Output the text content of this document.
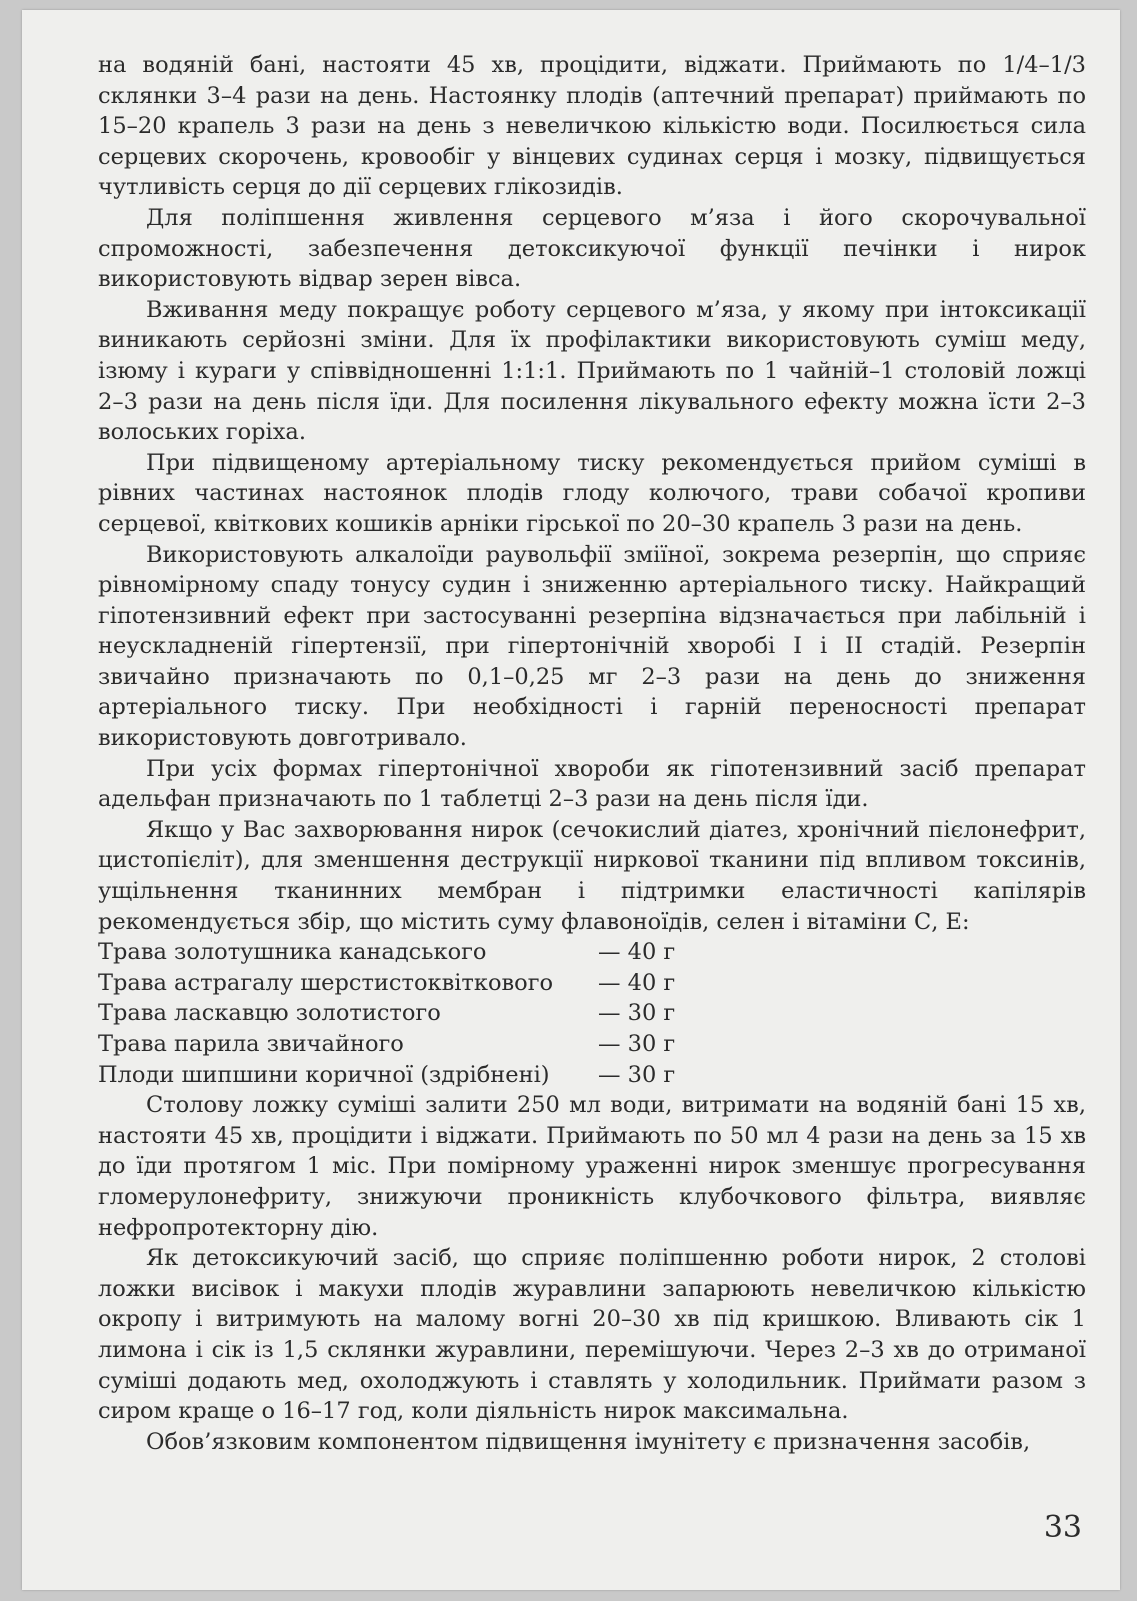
на водяній бані, настояти 45 хв, процідити, віджати. Приймають по 1/4–1/3 склянки 3–4 рази на день. Настоянку плодів (аптечний препарат) приймають по 15–20 крапель 3 рази на день з невеличкою кількістю води. Посилюється сила серцевих скорочень, кровообіг у вінцевих судинах серця і мозку, підвищується чутливість серця до дії серцевих глікозидів.

Для поліпшення живлення серцевого м’яза і його скорочувальної спроможності, забезпечення детоксикуючої функції печінки і нирок використовують відвар зерен вівса.

Вживання меду покращує роботу серцевого м’яза, у якому при інтоксикації виникають серйозні зміни. Для їх профілактики використовують суміш меду, ізюму і кураги у співвідношенні 1:1:1. Приймають по 1 чайній–1 столовій ложці 2–3 рази на день після їди. Для посилення лікувального ефекту можна їсти 2–3 волоських горіха.

При підвищеному артеріальному тиску рекомендується прийом суміші в рівних частинах настоянок плодів глоду колючого, трави собачої кропиви серцевої, квіткових кошиків арніки гірської по 20–30 крапель 3 рази на день.

Використовують алкалоїди раувольфії зміїної, зокрема резерпін, що сприяє рівномірному спаду тонусу судин і зниженню артеріального тиску. Найкращий гіпотензивний ефект при застосуванні резерпіна відзначається при лабільній і неускладненій гіпертензії, при гіпертонічній хворобі I і II стадій. Резерпін звичайно призначають по 0,1–0,25 мг 2–3 рази на день до зниження артеріального тиску. При необхідності і гарній переносності препарат використовують довготривало.

При усіх формах гіпертонічної хвороби як гіпотензивний засіб препарат адельфан призначають по 1 таблетці 2–3 рази на день після їди.

Якщо у Вас захворювання нирок (сечокислий діатез, хронічний пієлонефрит, цистопієліт), для зменшення деструкції ниркової тканини під впливом токсинів, ущільнення тканинних мембран і підтримки еластичності капілярів рекомендується збір, що містить суму флавоноїдів, селен і вітаміни С, Е:

Трава золотушника канадського	— 40 г
Трава астрагалу шерстистоквіткового	— 40 г
Трава ласкавцю золотистого	— 30 г
Трава парила звичайного	— 30 г
Плоди шипшини коричної (здрібнені)	— 30 г

Столову ложку суміші залити 250 мл води, витримати на водяній бані 15 хв, настояти 45 хв, процідити і віджати. Приймають по 50 мл 4 рази на день за 15 хв до їди протягом 1 міс. При помірному ураженні нирок зменшує прогресування гломерулонефриту, знижуючи проникність клубочкового фільтра, виявляє нефропротекторну дію.

Як детоксикуючий засіб, що сприяє поліпшенню роботи нирок, 2 столові ложки висівок і макухи плодів журавлини запарюють невеличкою кількістю окропу і витримують на малому вогні 20–30 хв під кришкою. Вливають сік 1 лимона і сік із 1,5 склянки журавлини, перемішуючи. Через 2–3 хв до отриманої суміші додають мед, охолоджують і ставлять у холодильник. Приймати разом з сиром краще о 16–17 год, коли діяльність нирок максимальна.

Обов’язковим компонентом підвищення імунітету є призначення засобів,

33
